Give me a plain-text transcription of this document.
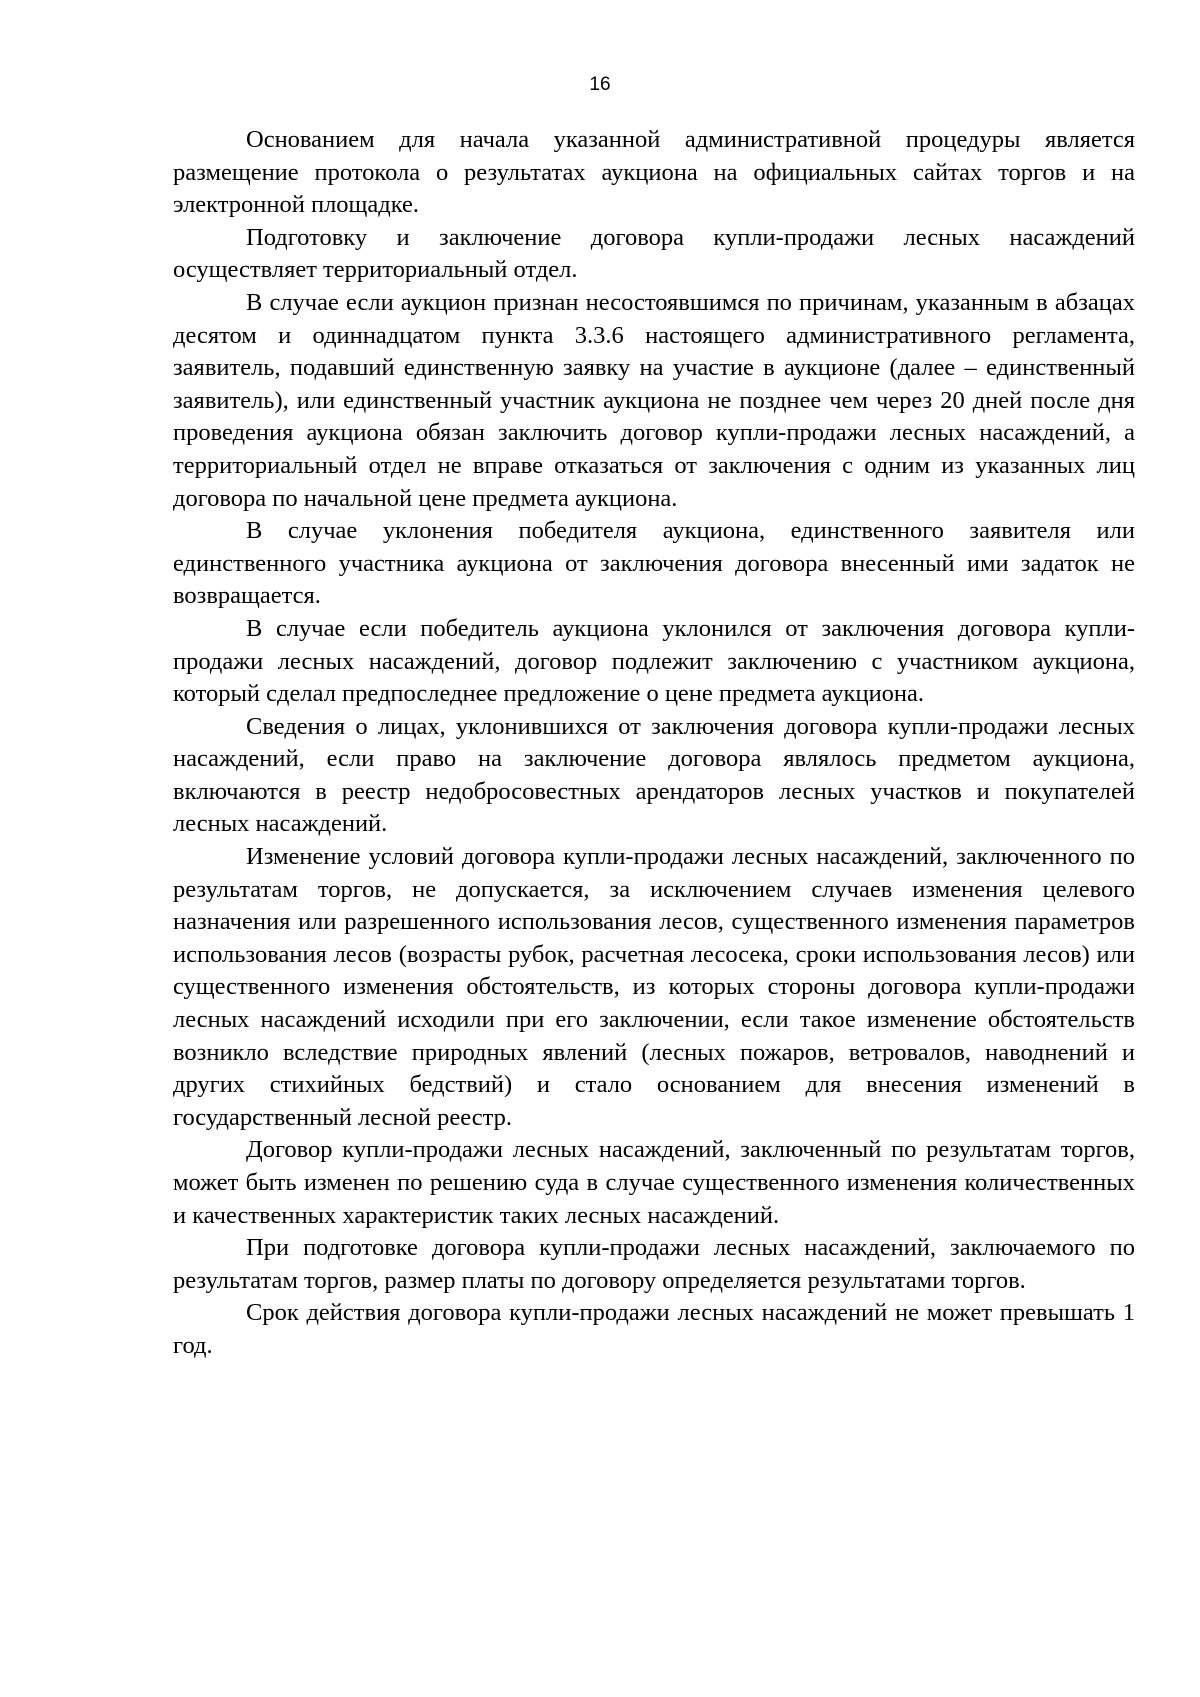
16

Основанием для начала указанной административной процедуры является размещение протокола о результатах аукциона на официальных сайтах торгов и на электронной площадке.

Подготовку и заключение договора купли-продажи лесных насаждений осуществляет территориальный отдел.

В случае если аукцион признан несостоявшимся по причинам, указанным в абзацах десятом и одиннадцатом пункта 3.3.6 настоящего административного регламента, заявитель, подавший единственную заявку на участие в аукционе (далее – единственный заявитель), или единственный участник аукциона не позднее чем через 20 дней после дня проведения аукциона обязан заключить договор купли-продажи лесных насаждений, а территориальный отдел не вправе отказаться от заключения с одним из указанных лиц договора по начальной цене предмета аукциона.

В случае уклонения победителя аукциона, единственного заявителя или единственного участника аукциона от заключения договора внесенный ими задаток не возвращается.

В случае если победитель аукциона уклонился от заключения договора купли-продажи лесных насаждений, договор подлежит заключению с участником аукциона, который сделал предпоследнее предложение о цене предмета аукциона.

Сведения о лицах, уклонившихся от заключения договора купли-продажи лесных насаждений, если право на заключение договора являлось предметом аукциона, включаются в реестр недобросовестных арендаторов лесных участков и покупателей лесных насаждений.

Изменение условий договора купли-продажи лесных насаждений, заключенного по результатам торгов, не допускается, за исключением случаев изменения целевого назначения или разрешенного использования лесов, существенного изменения параметров использования лесов (возрасты рубок, расчетная лесосека, сроки использования лесов) или существенного изменения обстоятельств, из которых стороны договора купли-продажи лесных насаждений исходили при его заключении, если такое изменение обстоятельств возникло вследствие природных явлений (лесных пожаров, ветровалов, наводнений и других стихийных бедствий) и стало основанием для внесения изменений в государственный лесной реестр.

Договор купли-продажи лесных насаждений, заключенный по результатам торгов, может быть изменен по решению суда в случае существенного изменения количественных и качественных характеристик таких лесных насаждений.

При подготовке договора купли-продажи лесных насаждений, заключаемого по результатам торгов, размер платы по договору определяется результатами торгов.

Срок действия договора купли-продажи лесных насаждений не может превышать 1 год.
